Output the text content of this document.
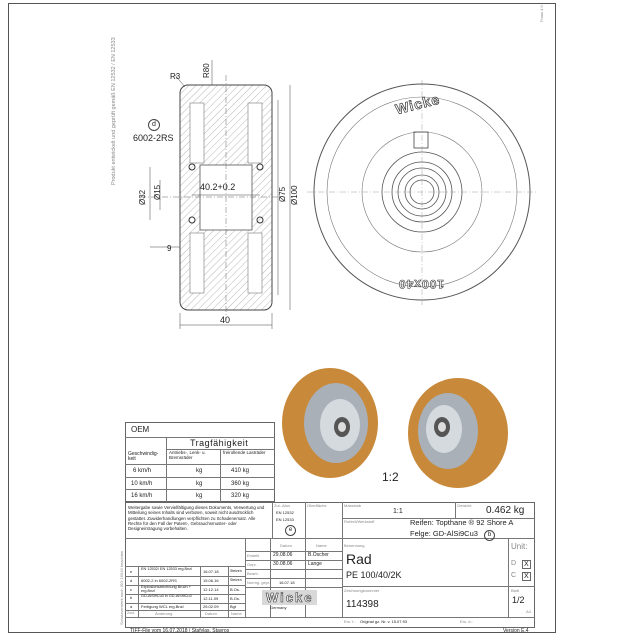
Produkt entwickelt und geprüft gemäß EN 12532 / EN 12533
Fmax 4.0
Schutzvermerk nach ISO 16016 beachten
R80
R3
d
6002-2RS
40.2+0.2
Ø32 Ø15	Ø75 Ø100
9
40
Wicke
100x40
1:2
OEM
Tragfähigkeit
Geschwindig-keit
Antriebs-, Lenk- u. Bremsräder
freirollende Lasträder
6 km/h	kg	410 kg
10 km/h	kg	360 kg
16 km/h	kg	320 kg
Weitergabe sowie Vervielfältigung dieses Dokuments, Verwertung und Mitteilung seines Inhalts sind verboten, soweit nicht ausdrücklich gestattet. Zuwiderhandlungen verpflichten zu Schadenersatz. Alle Rechte für den Fall der Patent-, Gebrauchsmuster- oder Designeintragung vorbehalten.
Zul.-Abw.
EN 12532
EN 12533
e
Oberfläche	Massstab
1:1
Gewicht 0.462 kg
Rohteil/Werkstoff	Reifen: Topthane ® 92 Shore A
Felge: GD-AlSi9Cu3	b
Datum	Name	Benennung
Erstellt	29.08.06	B.Oscher
Gepr.	30.08.06	Lange
Bearb.
Normg. gepr. 16.07.18
e EN 12532/ EN 12533 erg.Bnzl	16.07.18	Stelzen
d 6002-2 in 6002-2RS	15.06.16	Stelzen
c Explosionszeichnung Bruch + erg.Bnzl	12.12.14	B.Os.
b GD-AlSi9Cu3 in GD-AlSi9Cu3	12.11.09	B.Os.
a Fertigung WCL erg.Bnzl	25.02.09	Bgt
Zust.	Änderung	Datum	Name
Wicke
Germany
Rad
PE 100/40/2K
Zeichnungsnummer
114398
Unit:
D X
C X
Blatt
1/2
A4
Ers. f.: Original gz. Nr. v. 15.07.93	Ers. d.:
TIFF-File vom 16.07.2018 / Stafylas, Stavros	Version E.4
